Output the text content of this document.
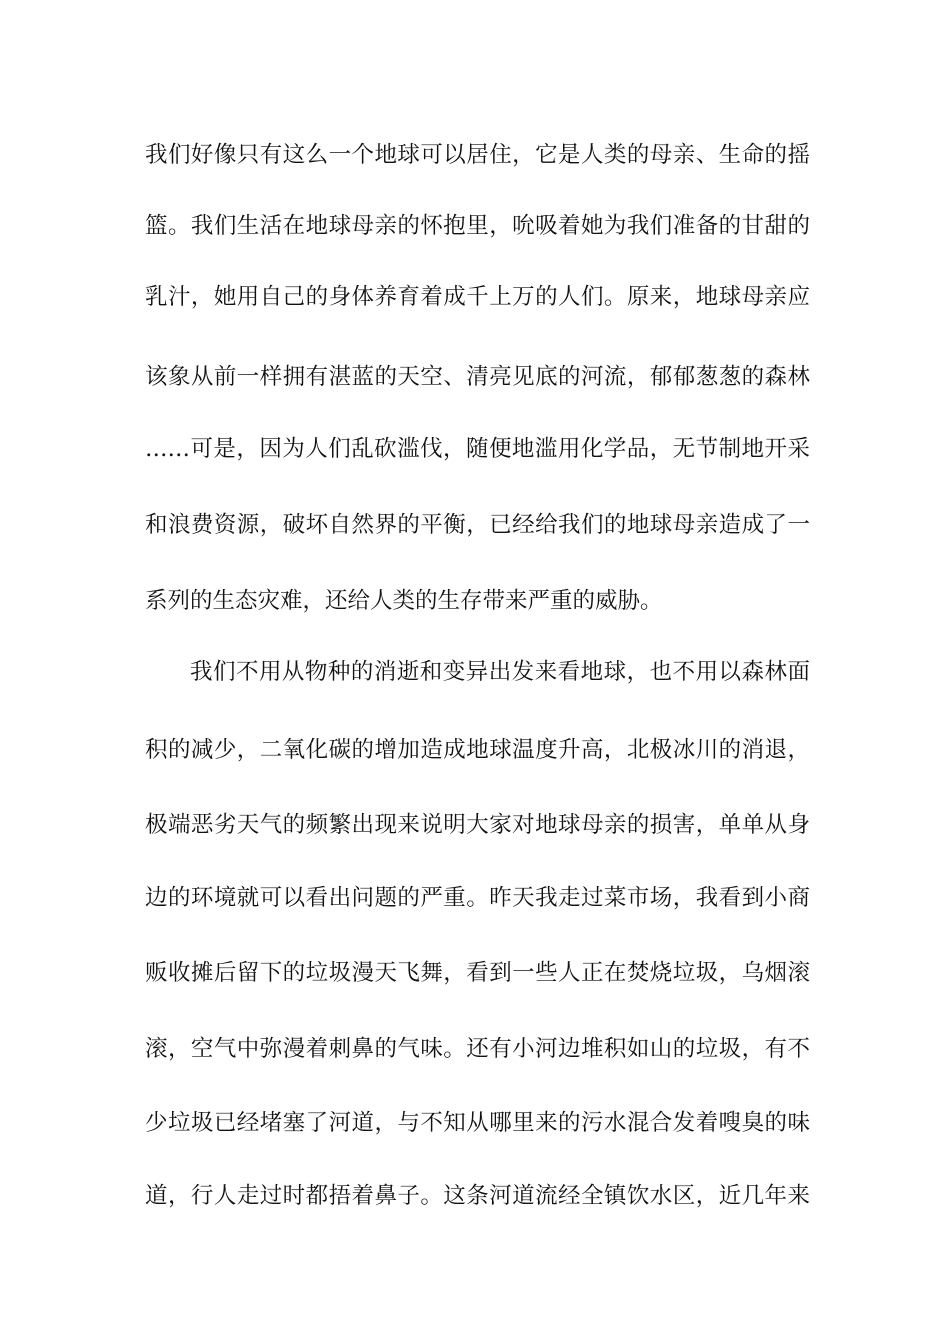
我们好像只有这么一个地球可以居住，它是人类的母亲、生命的摇
篮。我们生活在地球母亲的怀抱里，吮吸着她为我们准备的甘甜的
乳汁，她用自己的身体养育着成千上万的人们。原来，地球母亲应
该象从前一样拥有湛蓝的天空、清亮见底的河流，郁郁葱葱的森林
……可是，因为人们乱砍滥伐，随便地滥用化学品，无节制地开采
和浪费资源，破坏自然界的平衡，已经给我们的地球母亲造成了一
系列的生态灾难，还给人类的生存带来严重的威胁。
我们不用从物种的消逝和变异出发来看地球，也不用以森林面
积的减少，二氧化碳的增加造成地球温度升高，北极冰川的消退，
极端恶劣天气的频繁出现来说明大家对地球母亲的损害，单单从身
边的环境就可以看出问题的严重。昨天我走过菜市场，我看到小商
贩收摊后留下的垃圾漫天飞舞，看到一些人正在焚烧垃圾，乌烟滚
滚，空气中弥漫着刺鼻的气味。还有小河边堆积如山的垃圾，有不
少垃圾已经堵塞了河道，与不知从哪里来的污水混合发着嗖臭的味
道，行人走过时都捂着鼻子。这条河道流经全镇饮水区，近几年来
